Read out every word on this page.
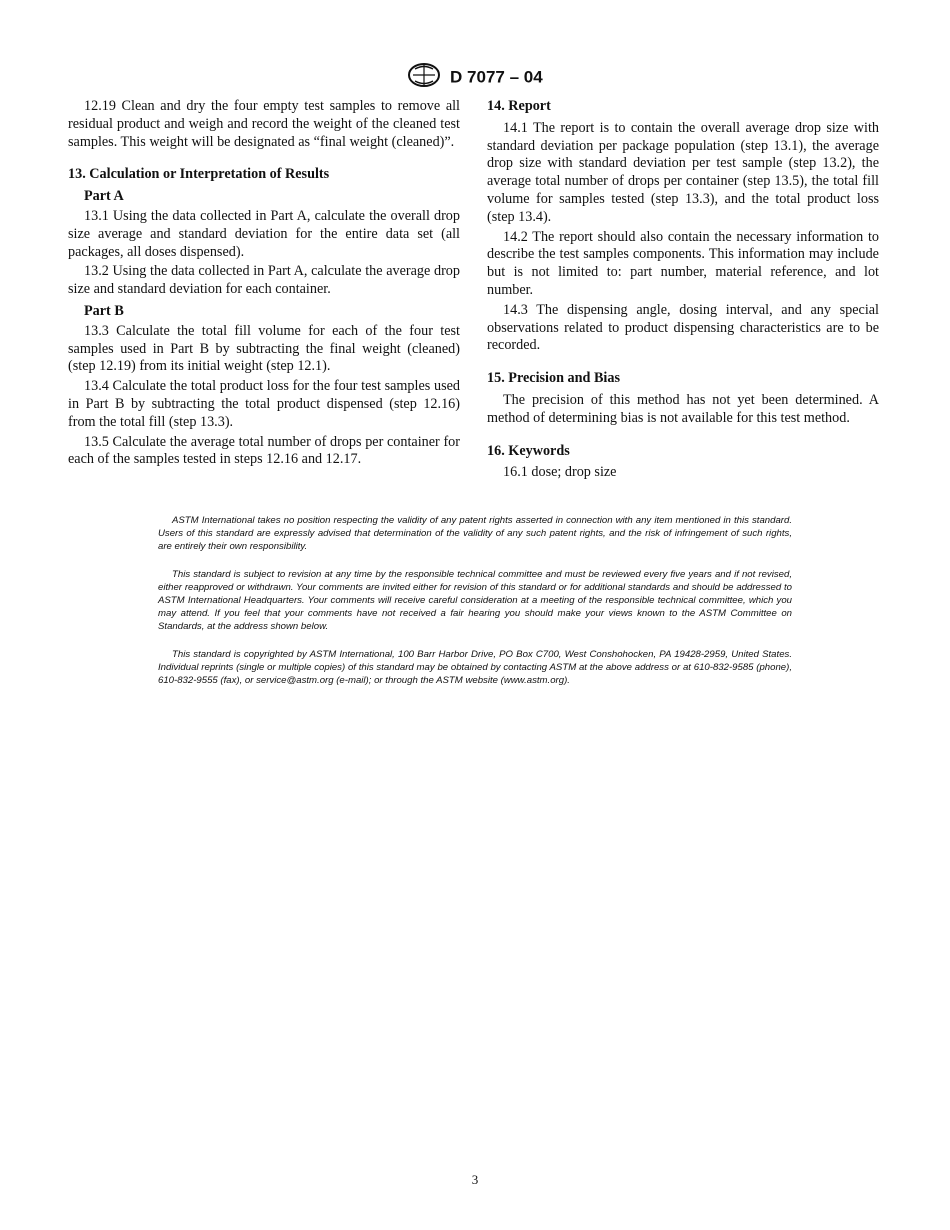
D 7077 – 04

12.19 Clean and dry the four empty test samples to remove all residual product and weigh and record the weight of the cleaned test samples. This weight will be designated as “final weight (cleaned)”.

13. Calculation or Interpretation of Results
Part A

13.1 Using the data collected in Part A, calculate the overall drop size average and standard deviation for the entire data set (all packages, all doses dispensed).

13.2 Using the data collected in Part A, calculate the average drop size and standard deviation for each container.

Part B

13.3 Calculate the total fill volume for each of the four test samples used in Part B by subtracting the final weight (cleaned) (step 12.19) from its initial weight (step 12.1).

13.4 Calculate the total product loss for the four test samples used in Part B by subtracting the total product dispensed (step 12.16) from the total fill (step 13.3).

13.5 Calculate the average total number of drops per container for each of the samples tested in steps 12.16 and 12.17.

14. Report

14.1 The report is to contain the overall average drop size with standard deviation per package population (step 13.1), the average drop size with standard deviation per test sample (step 13.2), the average total number of drops per container (step 13.5), the total fill volume for samples tested (step 13.3), and the total product loss (step 13.4).

14.2 The report should also contain the necessary information to describe the test samples components. This information may include but is not limited to: part number, material reference, and lot number.

14.3 The dispensing angle, dosing interval, and any special observations related to product dispensing characteristics are to be recorded.

15. Precision and Bias

The precision of this method has not yet been determined. A method of determining bias is not available for this test method.

16. Keywords

16.1 dose; drop size

ASTM International takes no position respecting the validity of any patent rights asserted in connection with any item mentioned in this standard. Users of this standard are expressly advised that determination of the validity of any such patent rights, and the risk of infringement of such rights, are entirely their own responsibility.

This standard is subject to revision at any time by the responsible technical committee and must be reviewed every five years and if not revised, either reapproved or withdrawn. Your comments are invited either for revision of this standard or for additional standards and should be addressed to ASTM International Headquarters. Your comments will receive careful consideration at a meeting of the responsible technical committee, which you may attend. If you feel that your comments have not received a fair hearing you should make your views known to the ASTM Committee on Standards, at the address shown below.

This standard is copyrighted by ASTM International, 100 Barr Harbor Drive, PO Box C700, West Conshohocken, PA 19428-2959, United States. Individual reprints (single or multiple copies) of this standard may be obtained by contacting ASTM at the above address or at 610-832-9585 (phone), 610-832-9555 (fax), or service@astm.org (e-mail); or through the ASTM website (www.astm.org).

3
